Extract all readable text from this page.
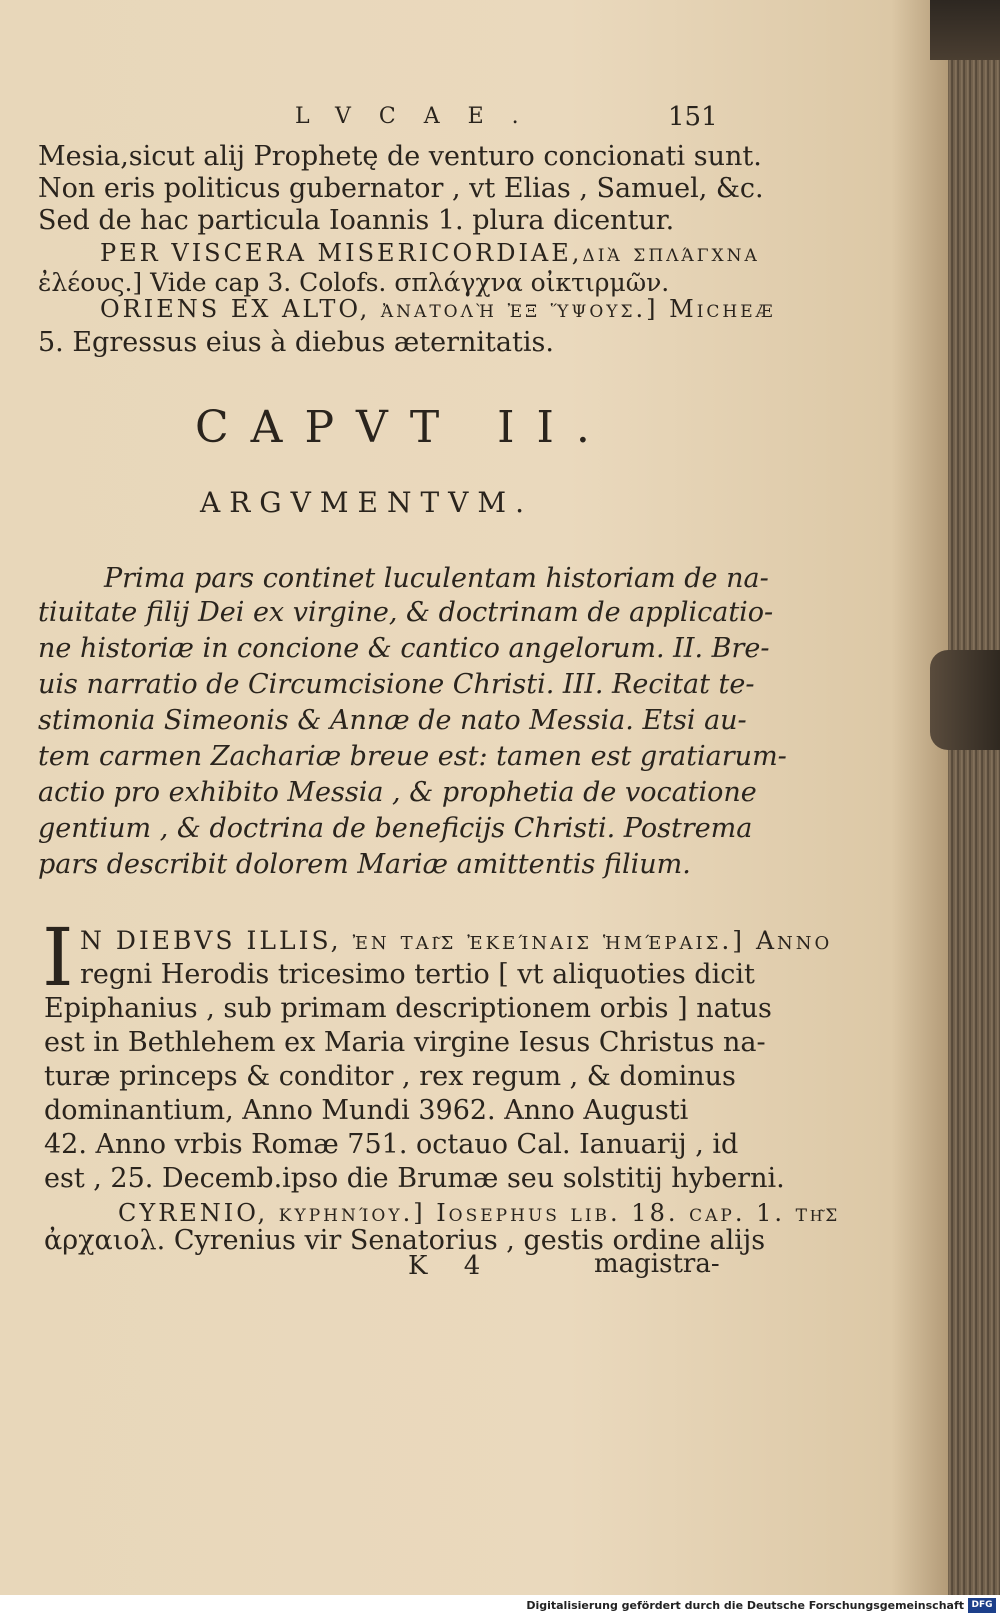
LVCAE.	151
Mesia,sicut alij Prophetę de venturo concionati sunt.
Non eris politicus gubernator , vt Elias , Samuel, &c.
Sed de hac particula Ioannis 1. plura dicentur.
PER VISCERA MISERICORDIAE,διὰ σπλάγχνα
ἐλέους.] Vide cap 3. Colofs. σπλάγχνα οἰκτιρμῶν.
ORIENS EX ALTO, ἀνατολὴ ἐξ ὕψους.] Micheæ
5. Egressus eius à diebus æternitatis.
CAPVT II.
ARGVMENTVM.
Prima pars continet luculentam historiam de na-
tiuitate filij Dei ex virgine, & doctrinam de applicatio-
ne historiæ in concione & cantico angelorum. II. Bre-
uis narratio de Circumcisione Christi. III. Recitat te-
stimonia Simeonis & Annæ de nato Messia. Etsi au-
tem carmen Zachariæ breue est: tamen est gratiarum-
actio pro exhibito Messia , & prophetia de vocatione
gentium , & doctrina de beneficijs Christi. Postrema
pars describit dolorem Mariæ amittentis filium.
I N DIEBVS ILLIS, ἐν ταῖς ἐκείναις ἡμέραις.] Anno
regni Herodis tricesimo tertio [ vt aliquoties dicit
Epiphanius , sub primam descriptionem orbis ] natus
est in Bethlehem ex Maria virgine Iesus Christus na-
turæ princeps & conditor , rex regum , & dominus
dominantium, Anno Mundi 3962. Anno Augusti
42. Anno vrbis Romæ 751. octauo Cal. Ianuarij , id
est , 25. Decemb.ipso die Brumæ seu solstitij hyberni.
CYRENIO, κυρηνίου.] Iosephus lib. 18. cap. 1. τῆς
ἀρχαιολ. Cyrenius vir Senatorius , gestis ordine alijs
K 4	magistra-
Digitalisierung gefördert durch die Deutsche Forschungsgemeinschaft DFG
